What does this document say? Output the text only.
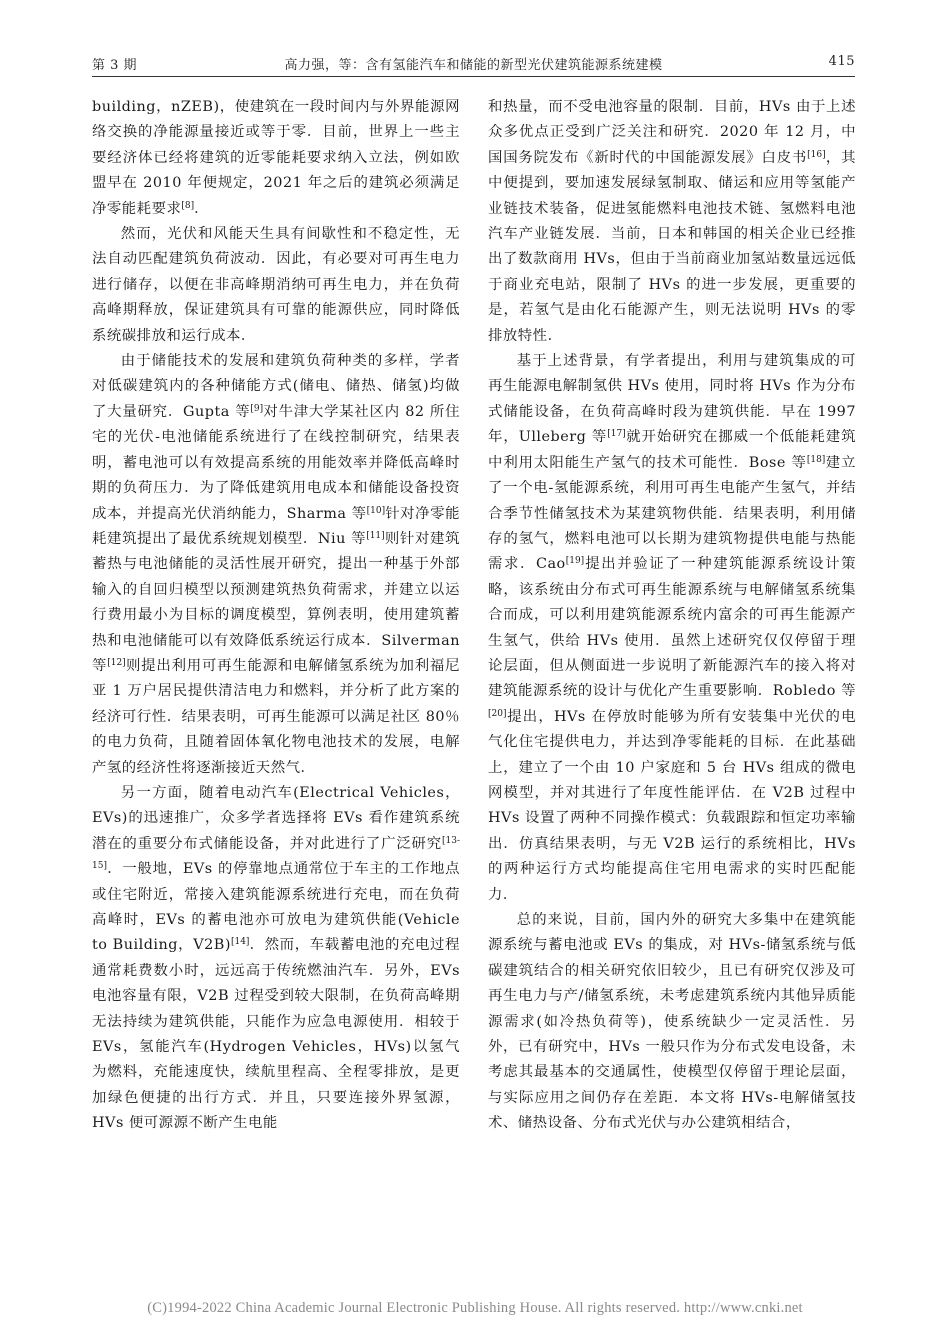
第 3 期	高力强，等：含有氢能汽车和储能的新型光伏建筑能源系统建模	415

building，nZEB)，使建筑在一段时间内与外界能源网络交换的净能源量接近或等于零．目前，世界上一些主要经济体已经将建筑的近零能耗要求纳入立法，例如欧盟早在 2010 年便规定，2021 年之后的建筑必须满足净零能耗要求[8]．

然而，光伏和风能天生具有间歇性和不稳定性，无法自动匹配建筑负荷波动．因此，有必要对可再生电力进行储存，以便在非高峰期消纳可再生电力，并在负荷高峰期释放，保证建筑具有可靠的能源供应，同时降低系统碳排放和运行成本．

由于储能技术的发展和建筑负荷种类的多样，学者对低碳建筑内的各种储能方式(储电、储热、储氢)均做了大量研究．Gupta 等[9]对牛津大学某社区内 82 所住宅的光伏-电池储能系统进行了在线控制研究，结果表明，蓄电池可以有效提高系统的用能效率并降低高峰时期的负荷压力．为了降低建筑用电成本和储能设备投资成本，并提高光伏消纳能力，Sharma 等[10]针对净零能耗建筑提出了最优系统规划模型．Niu 等[11]则针对建筑蓄热与电池储能的灵活性展开研究，提出一种基于外部输入的自回归模型以预测建筑热负荷需求，并建立以运行费用最小为目标的调度模型，算例表明，使用建筑蓄热和电池储能可以有效降低系统运行成本．Silverman 等[12]则提出利用可再生能源和电解储氢系统为加利福尼亚 1 万户居民提供清洁电力和燃料，并分析了此方案的经济可行性．结果表明，可再生能源可以满足社区 80％的电力负荷，且随着固体氧化物电池技术的发展，电解产氢的经济性将逐渐接近天然气．

另一方面，随着电动汽车(Electrical Vehicles，EVs)的迅速推广，众多学者选择将 EVs 看作建筑系统潜在的重要分布式储能设备，并对此进行了广泛研究[13-15]．一般地，EVs 的停靠地点通常位于车主的工作地点或住宅附近，常接入建筑能源系统进行充电，而在负荷高峰时，EVs 的蓄电池亦可放电为建筑供能(Vehicle to Building，V2B)[14]．然而，车载蓄电池的充电过程通常耗费数小时，远远高于传统燃油汽车．另外，EVs 电池容量有限，V2B 过程受到较大限制，在负荷高峰期无法持续为建筑供能，只能作为应急电源使用．相较于 EVs，氢能汽车(Hydrogen Vehicles，HVs)以氢气为燃料，充能速度快，续航里程高、全程零排放，是更加绿色便捷的出行方式．并且，只要连接外界氢源，HVs 便可源源不断产生电能

和热量，而不受电池容量的限制．目前，HVs 由于上述众多优点正受到广泛关注和研究．2020 年 12 月，中国国务院发布《新时代的中国能源发展》白皮书[16]，其中便提到，要加速发展绿氢制取、储运和应用等氢能产业链技术装备，促进氢能燃料电池技术链、氢燃料电池汽车产业链发展．当前，日本和韩国的相关企业已经推出了数款商用 HVs，但由于当前商业加氢站数量远远低于商业充电站，限制了 HVs 的进一步发展，更重要的是，若氢气是由化石能源产生，则无法说明 HVs 的零排放特性．

基于上述背景，有学者提出，利用与建筑集成的可再生能源电解制氢供 HVs 使用，同时将 HVs 作为分布式储能设备，在负荷高峰时段为建筑供能．早在 1997 年，Ulleberg 等[17]就开始研究在挪威一个低能耗建筑中利用太阳能生产氢气的技术可能性．Bose 等[18]建立了一个电-氢能源系统，利用可再生电能产生氢气，并结合季节性储氢技术为某建筑物供能．结果表明，利用储存的氢气，燃料电池可以长期为建筑物提供电能与热能需求．Cao[19]提出并验证了一种建筑能源系统设计策略，该系统由分布式可再生能源系统与电解储氢系统集合而成，可以利用建筑能源系统内富余的可再生能源产生氢气，供给 HVs 使用．虽然上述研究仅仅停留于理论层面，但从侧面进一步说明了新能源汽车的接入将对建筑能源系统的设计与优化产生重要影响．Robledo 等[20]提出，HVs 在停放时能够为所有安装集中光伏的电气化住宅提供电力，并达到净零能耗的目标．在此基础上，建立了一个由 10 户家庭和 5 台 HVs 组成的微电网模型，并对其进行了年度性能评估．在 V2B 过程中 HVs 设置了两种不同操作模式：负载跟踪和恒定功率输出．仿真结果表明，与无 V2B 运行的系统相比，HVs 的两种运行方式均能提高住宅用电需求的实时匹配能力．

总的来说，目前，国内外的研究大多集中在建筑能源系统与蓄电池或 EVs 的集成，对 HVs-储氢系统与低碳建筑结合的相关研究依旧较少，且已有研究仅涉及可再生电力与产/储氢系统，未考虑建筑系统内其他异质能源需求(如冷热负荷等)，使系统缺少一定灵活性．另外，已有研究中，HVs 一般只作为分布式发电设备，未考虑其最基本的交通属性，使模型仅停留于理论层面，与实际应用之间仍存在差距．本文将 HVs-电解储氢技术、储热设备、分布式光伏与办公建筑相结合，

(C)1994-2022 China Academic Journal Electronic Publishing House. All rights reserved. http://www.cnki.net
